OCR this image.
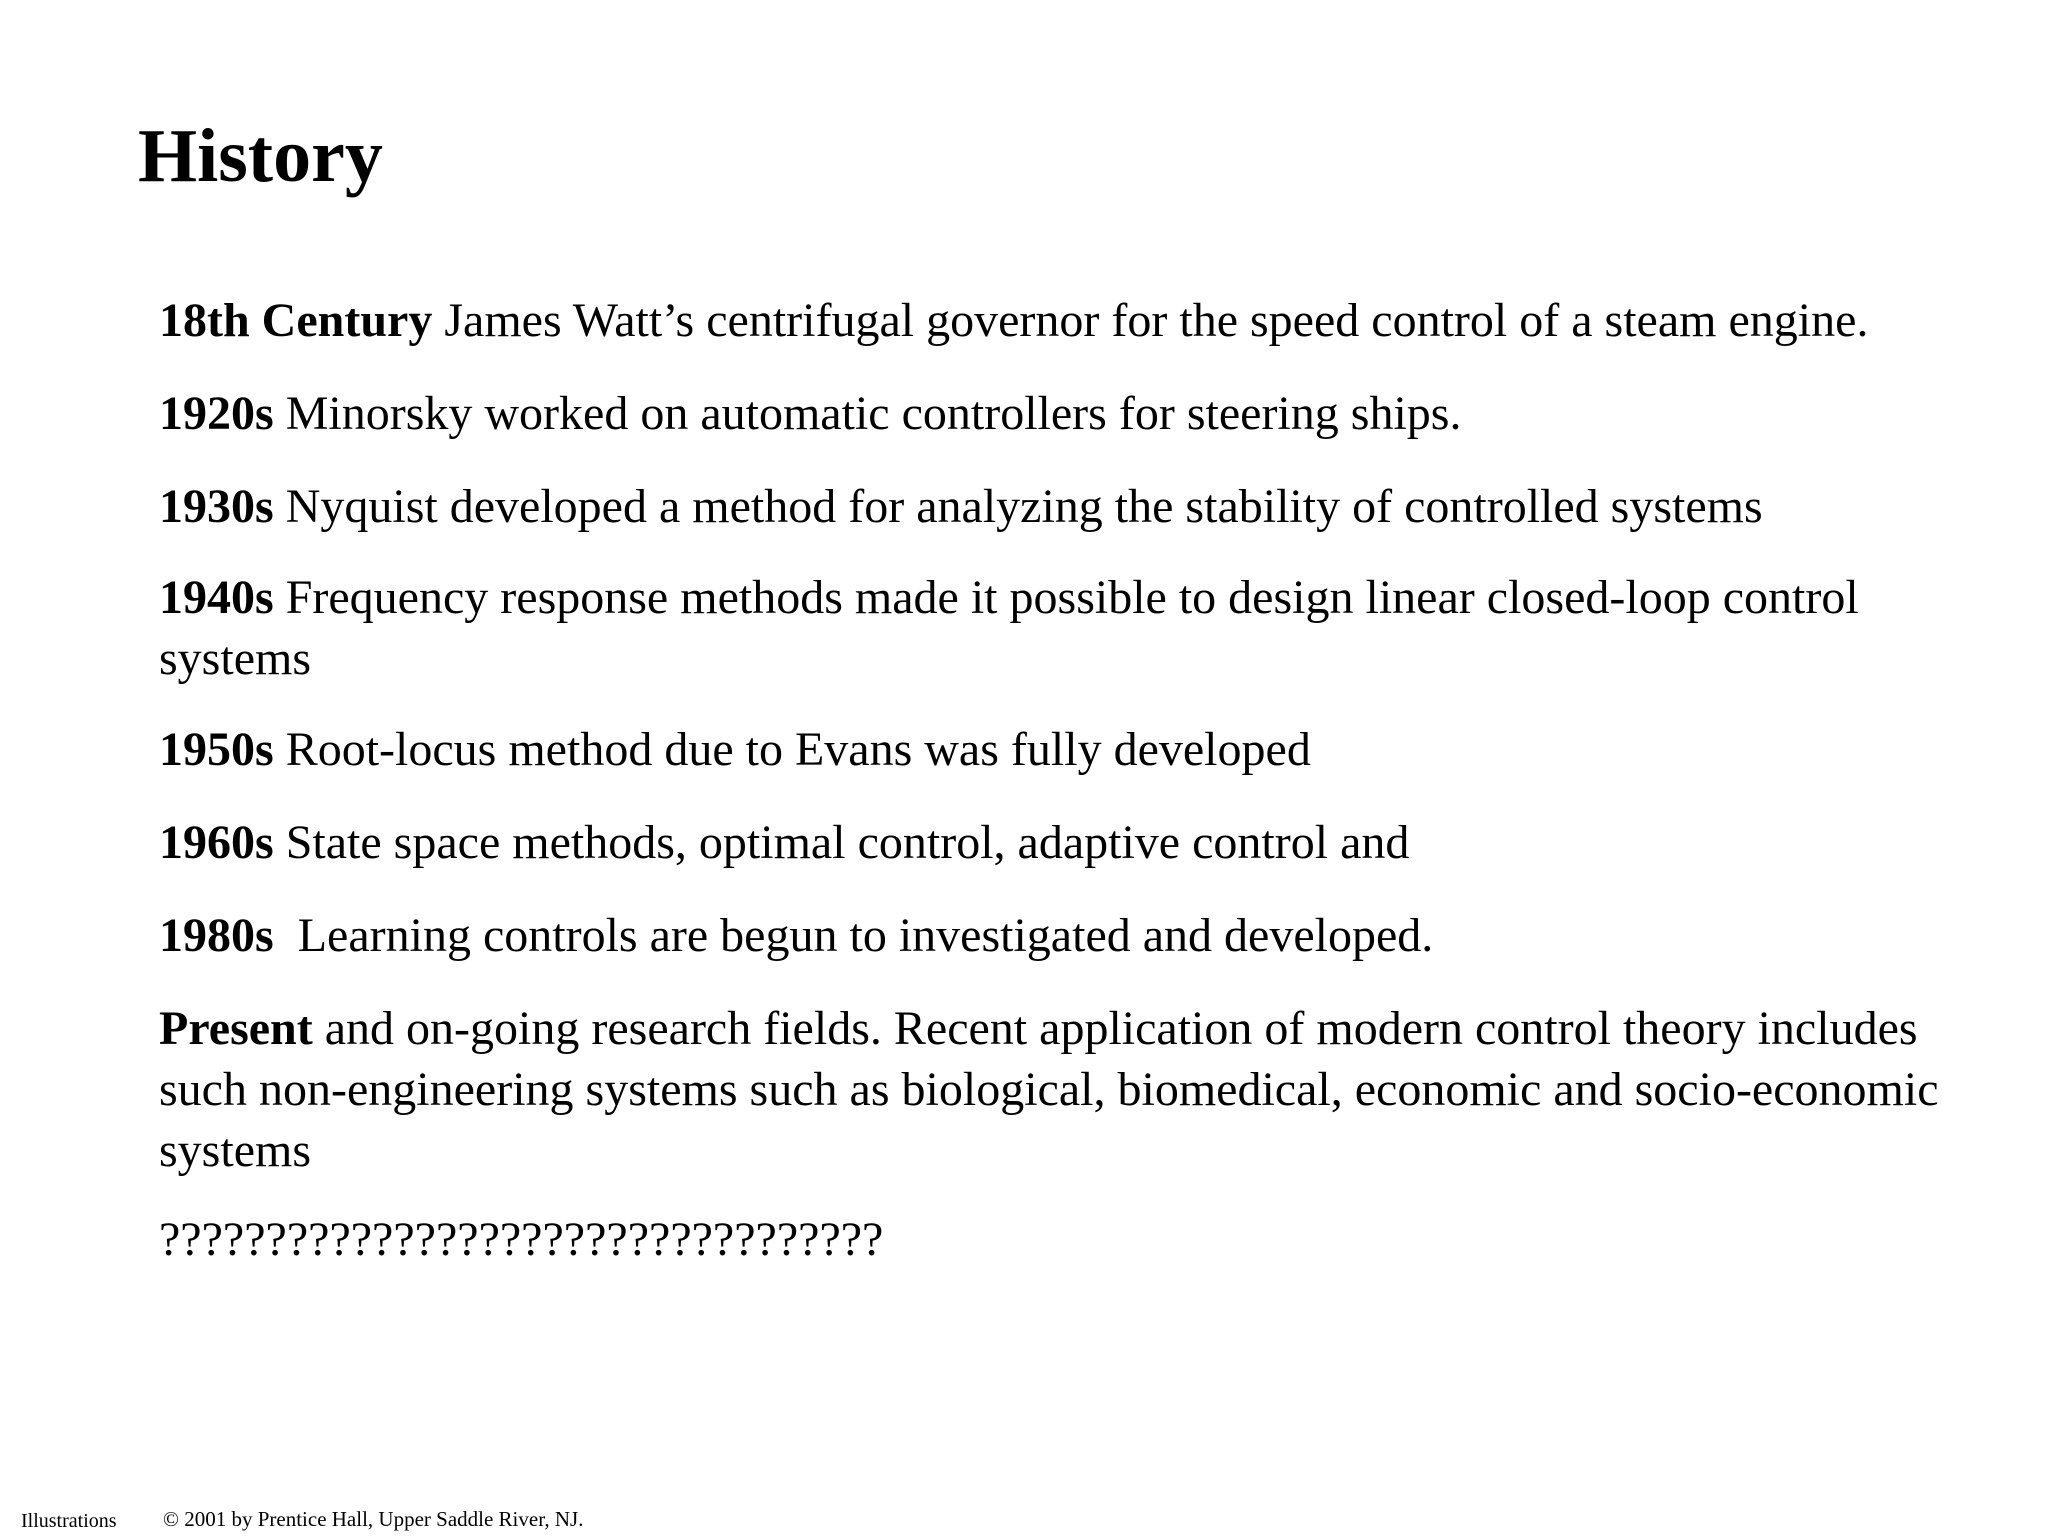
History

18th Century James Watt’s centrifugal governor for the speed control of a steam engine.

1920s Minorsky worked on automatic controllers for steering ships.

1930s Nyquist developed a method for analyzing the stability of controlled systems

1940s Frequency response methods made it possible to design linear closed-loop control systems

1950s Root-locus method due to Evans was fully developed

1960s State space methods, optimal control, adaptive control and

1980s  Learning controls are begun to investigated and developed.

Present and on-going research fields. Recent application of modern control theory includes such non-engineering systems such as biological, biomedical, economic and socio-economic systems

??????????????????????????????????

Illustrations © 2001 by Prentice Hall, Upper Saddle River, NJ.
